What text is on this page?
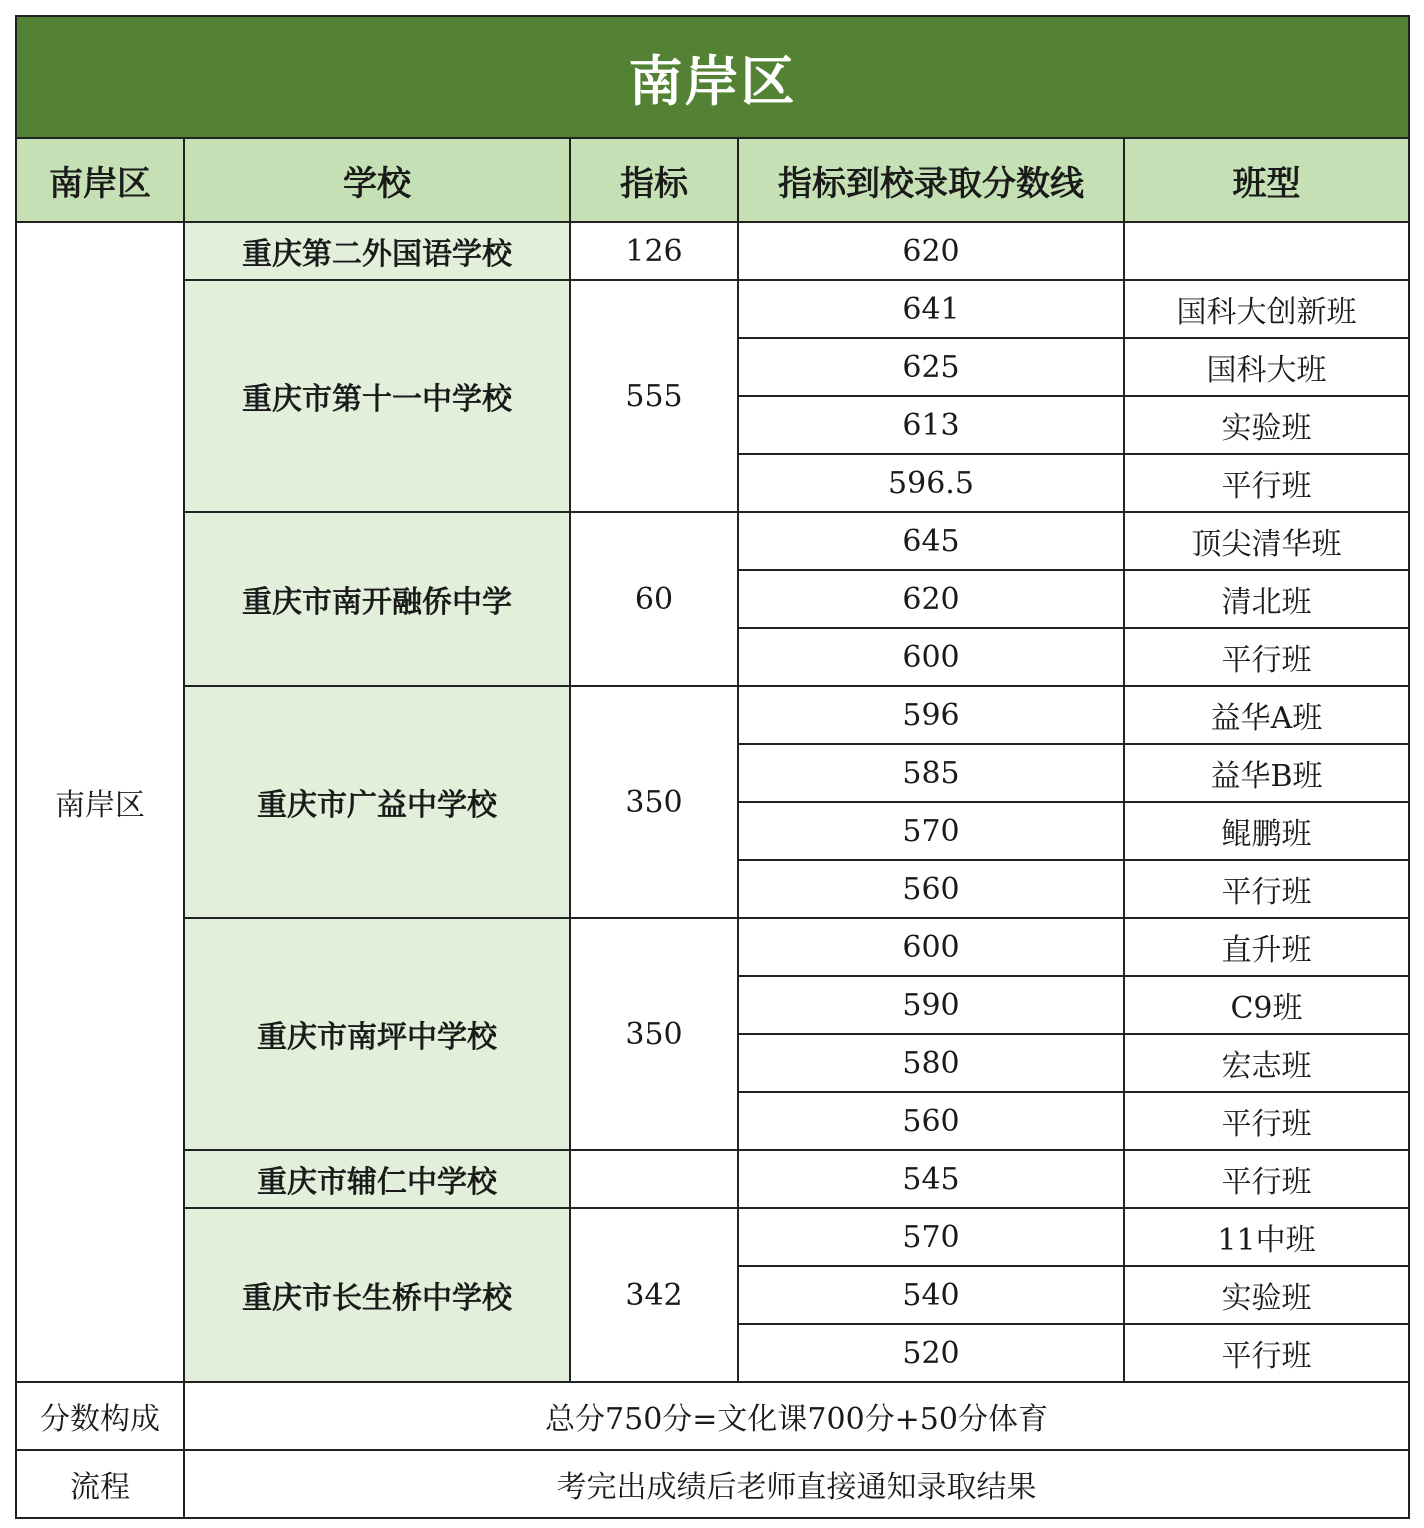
南岸区				
南岸区	学校	指标	指标到校录取分数线	班型
南岸区	重庆第二外国语学校	126	620	
	重庆市第十一中学校	555	641	国科大创新班
			625	国科大班
			613	实验班
			596.5	平行班
	重庆市南开融侨中学	60	645	顶尖清华班
			620	清北班
			600	平行班
	重庆市广益中学校	350	596	益华A班
			585	益华B班
			570	鲲鹏班
			560	平行班
	重庆市南坪中学校	350	600	直升班
			590	C9班
			580	宏志班
			560	平行班
	重庆市辅仁中学校		545	平行班
	重庆市长生桥中学校	342	570	11中班
			540	实验班
			520	平行班
分数构成	总分750分=文化课700分+50分体育			
流程	考完出成绩后老师直接通知录取结果			
